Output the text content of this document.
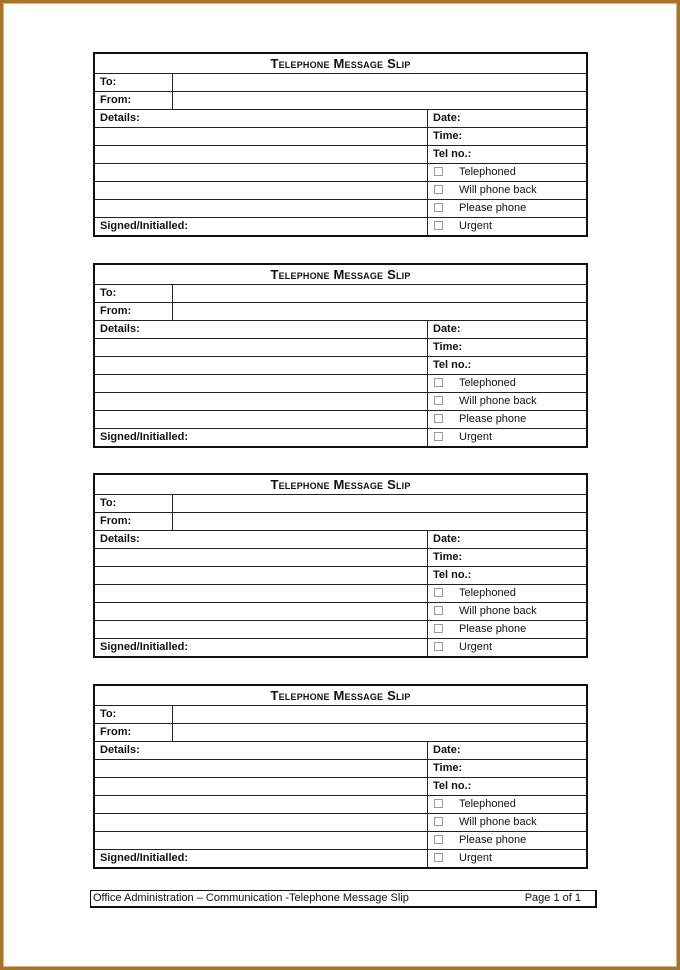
Telephone Message Slip
To:
From:
Details:	Date:
Time:
Tel no.:
Telephoned
Will phone back
Please phone
Signed/Initialled:	Urgent
Telephone Message Slip
To:
From:
Details:	Date:
Time:
Tel no.:
Telephoned
Will phone back
Please phone
Signed/Initialled:	Urgent
Telephone Message Slip
To:
From:
Details:	Date:
Time:
Tel no.:
Telephoned
Will phone back
Please phone
Signed/Initialled:	Urgent
Telephone Message Slip
To:
From:
Details:	Date:
Time:
Tel no.:
Telephoned
Will phone back
Please phone
Signed/Initialled:	Urgent
Office Administration – Communication -Telephone Message Slip	Page 1 of 1
